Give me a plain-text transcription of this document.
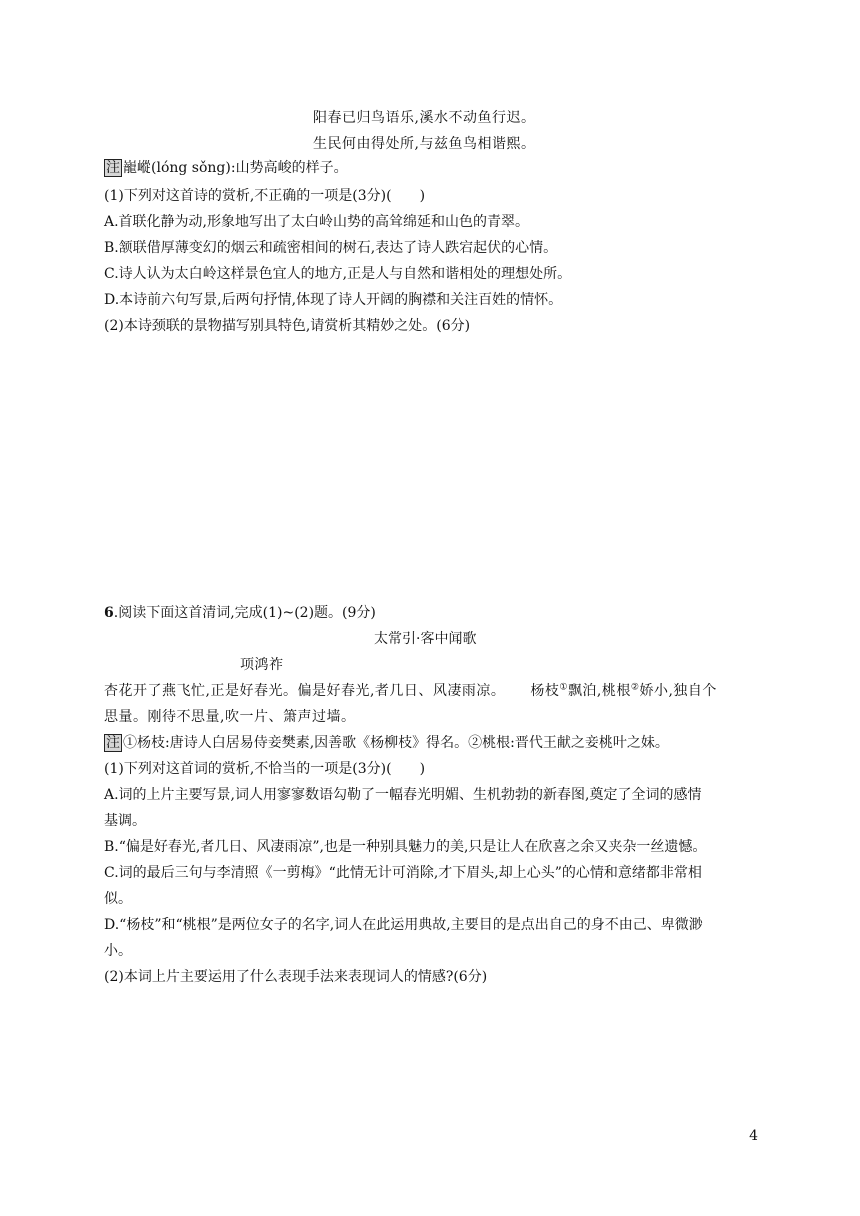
阳春已归鸟语乐,溪水不动鱼行迟。
生民何由得处所,与兹鱼鸟相谐熙。
注 巃嵷(lóng sǒng):山势高峻的样子。
(1)下列对这首诗的赏析,不正确的一项是(3分)(　　)
A.首联化静为动,形象地写出了太白岭山势的高耸绵延和山色的青翠。
B.颔联借厚薄变幻的烟云和疏密相间的树石,表达了诗人跌宕起伏的心情。
C.诗人认为太白岭这样景色宜人的地方,正是人与自然和谐相处的理想处所。
D.本诗前六句写景,后两句抒情,体现了诗人开阔的胸襟和关注百姓的情怀。
(2)本诗颈联的景物描写别具特色,请赏析其精妙之处。(6分)
6.阅读下面这首清词,完成(1)~(2)题。(9分)
太常引·客中闻歌
项鸿祚
杏花开了燕飞忙,正是好春光。偏是好春光,者几日、风凄雨凉。 杨枝①飘泊,桃根②娇小,独自个
思量。刚待不思量,吹一片、箫声过墙。
注 ①杨枝:唐诗人白居易侍妾樊素,因善歌《杨柳枝》得名。②桃根:晋代王献之妾桃叶之妹。
(1)下列对这首词的赏析,不恰当的一项是(3分)(　　)
A.词的上片主要写景,词人用寥寥数语勾勒了一幅春光明媚、生机勃勃的新春图,奠定了全词的感情
基调。
B.“偏是好春光,者几日、风凄雨凉”,也是一种别具魅力的美,只是让人在欣喜之余又夹杂一丝遗憾。
C.词的最后三句与李清照《一剪梅》“此情无计可消除,才下眉头,却上心头”的心情和意绪都非常相
似。
D.“杨枝”和“桃根”是两位女子的名字,词人在此运用典故,主要目的是点出自己的身不由己、卑微渺
小。
(2)本词上片主要运用了什么表现手法来表现词人的情感?(6分)
4
